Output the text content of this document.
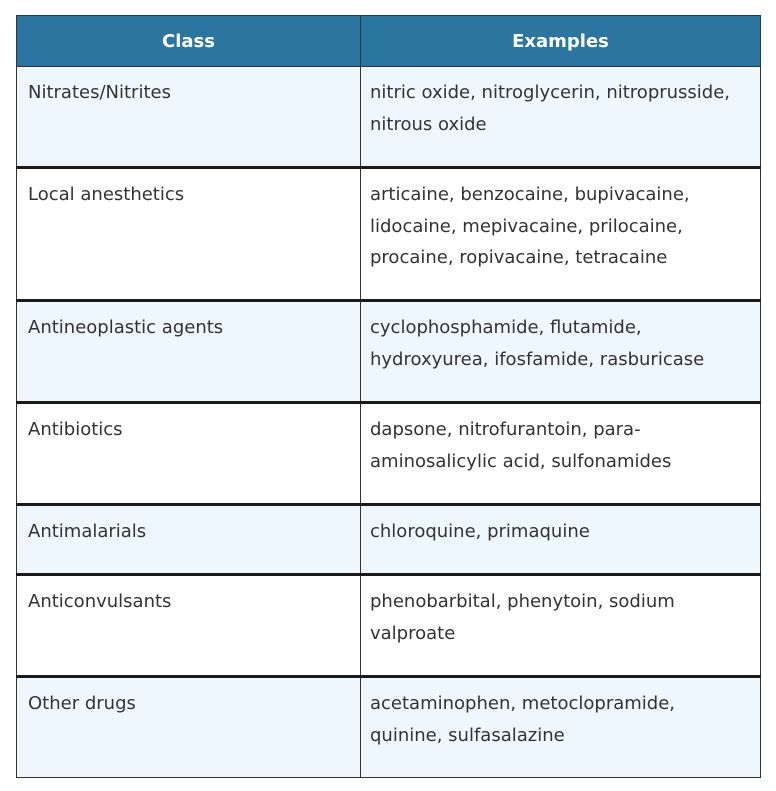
Class	Examples
Nitrates/Nitrites	nitric oxide, nitroglycerin, nitroprusside, nitrous oxide
Local anesthetics	articaine, benzocaine, bupivacaine, lidocaine, mepivacaine, prilocaine, procaine, ropivacaine, tetracaine
Antineoplastic agents	cyclophosphamide, flutamide, hydroxyurea, ifosfamide, rasburicase
Antibiotics	dapsone, nitrofurantoin, para-aminosalicylic acid, sulfonamides
Antimalarials	chloroquine, primaquine
Anticonvulsants	phenobarbital, phenytoin, sodium valproate
Other drugs	acetaminophen, metoclopramide, quinine, sulfasalazine
